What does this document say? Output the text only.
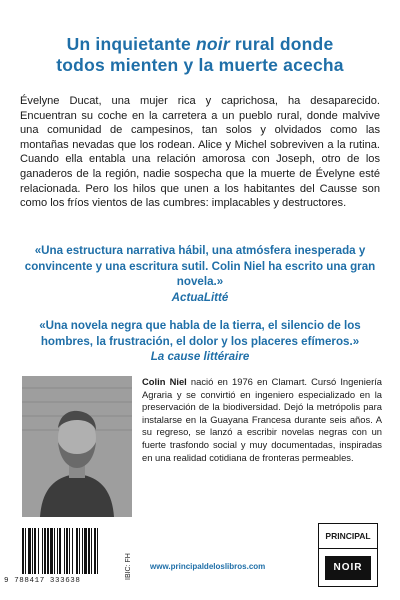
Un inquietante noir rural donde
todos mienten y la muerte acecha
Évelyne Ducat, una mujer rica y caprichosa, ha desaparecido. Encuentran su coche en la carretera a un pueblo rural, donde malvive una comunidad de campesinos, tan solos y olvidados como las montañas nevadas que los rodean. Alice y Michel sobreviven a la rutina. Cuando ella entabla una relación amorosa con Joseph, otro de los ganaderos de la región, nadie sospecha que la muerte de Évelyne esté relacionada. Pero los hilos que unen a los habitantes del Causse son como los fríos vientos de las cumbres: implacables y destructores.
«Una estructura narrativa hábil, una atmósfera inesperada y convincente y una escritura sutil. Colin Niel ha escrito una gran novela.»
ActuaLitté
«Una novela negra que habla de la tierra, el silencio de los hombres, la frustración, el dolor y los placeres efímeros.»
La cause littéraire
Colin Niel nació en 1976 en Clamart. Cursó Ingeniería Agraria y se convirtió en ingeniero especializado en la preservación de la biodiversidad. Dejó la metrópolis para instalarse en la Guayana Francesa durante seis años. A su regreso, se lanzó a escribir novelas negras con un fuerte trasfondo social y muy documentadas, inspiradas en una realidad cotidiana de fronteras permeables.
9 788417 333638
IBIC: FH www.principaldeloslibros.com
PRINCIPAL
NOIR
